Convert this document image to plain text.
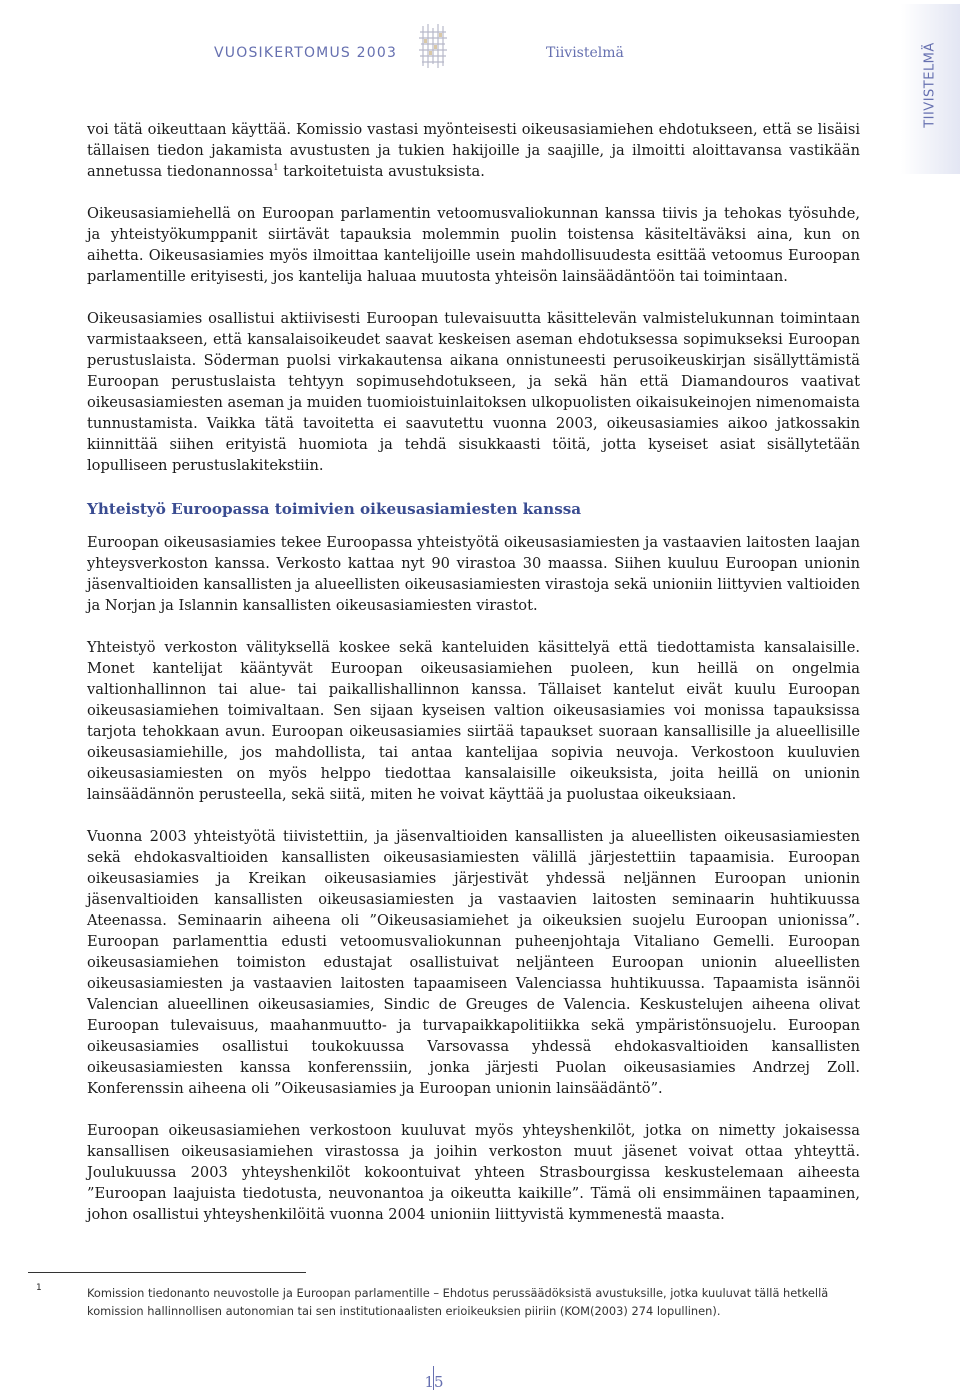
VUOSIKERTOMUS 2003	Tiivistelmä	TIIVISTELMÄ

voi tätä oikeuttaan käyttää. Komissio vastasi myönteisesti oikeusasiamiehen ehdotukseen, että se lisäisi tällaisen tiedon jakamista avustusten ja tukien hakijoille ja saajille, ja ilmoitti aloittavansa vastikään annetussa tiedonannossa$^1$ tarkoitetuista avustuksista.

Oikeusasiamiehellä on Euroopan parlamentin vetoomusvaliokunnan kanssa tiivis ja tehokas työsuhde, ja yhteistyökumppanit siirtävät tapauksia molemmin puolin toistensa käsiteltäväksi aina, kun on aihetta. Oikeusasiamies myös ilmoittaa kantelijoille usein mahdollisuudesta esittää vetoomus Euroopan parlamentille erityisesti, jos kantelija haluaa muutosta yhteisön lainsäädäntöön tai toimintaan.

Oikeusasiamies osallistui aktiivisesti Euroopan tulevaisuutta käsittelevän valmistelukunnan toimintaan varmistaakseen, että kansalaisoikeudet saavat keskeisen aseman ehdotuksessa sopimukseksi Euroopan perustuslaista. Söderman puolsi virkakautensa aikana onnistuneesti perusoikeuskirjan sisällyttämistä Euroopan perustuslaista tehtyyn sopimusehdotukseen, ja sekä hän että Diamandouros vaativat oikeusasiamiesten aseman ja muiden tuomioistuinlaitoksen ulkopuolisten oikaisukeinojen nimenomaista tunnustamista. Vaikka tätä tavoitetta ei saavutettu vuonna 2003, oikeusasiamies aikoo jatkossakin kiinnittää siihen erityistä huomiota ja tehdä sisukkaasti töitä, jotta kyseiset asiat sisällytetään lopulliseen perustuslakitekstiin.

Yhteistyö Euroopassa toimivien oikeusasiamiesten kanssa

Euroopan oikeusasiamies tekee Euroopassa yhteistyötä oikeusasiamiesten ja vastaavien laitosten laajan yhteysverkoston kanssa. Verkosto kattaa nyt 90 virastoa 30 maassa. Siihen kuuluu Euroopan unionin jäsenvaltioiden kansallisten ja alueellisten oikeusasiamiesten virastoja sekä unioniin liittyvien valtioiden ja Norjan ja Islannin kansallisten oikeusasiamiesten virastot.

Yhteistyö verkoston välityksellä koskee sekä kanteluiden käsittelyä että tiedottamista kansalaisille. Monet kantelijat kääntyvät Euroopan oikeusasiamiehen puoleen, kun heillä on ongelmia valtionhallinnon tai alue- tai paikallishallinnon kanssa. Tällaiset kantelut eivät kuulu Euroopan oikeusasiamiehen toimivaltaan. Sen sijaan kyseisen valtion oikeusasiamies voi monissa tapauksissa tarjota tehokkaan avun. Euroopan oikeusasiamies siirtää tapaukset suoraan kansallisille ja alueellisille oikeusasiamiehille, jos mahdollista, tai antaa kantelijaa sopivia neuvoja. Verkostoon kuuluvien oikeusasiamiesten on myös helppo tiedottaa kansalaisille oikeuksista, joita heillä on unionin lainsäädännön perusteella, sekä siitä, miten he voivat käyttää ja puolustaa oikeuksiaan.

Vuonna 2003 yhteistyötä tiivistettiin, ja jäsenvaltioiden kansallisten ja alueellisten oikeusasiamiesten sekä ehdokasvaltioiden kansallisten oikeusasiamiesten välillä järjestettiin tapaamisia. Euroopan oikeusasiamies ja Kreikan oikeusasiamies järjestivät yhdessä neljännen Euroopan unionin jäsenvaltioiden kansallisten oikeusasiamiesten ja vastaavien laitosten seminaarin huhtikuussa Ateenassa. Seminaarin aiheena oli ”Oikeusasiamiehet ja oikeuksien suojelu Euroopan unionissa”. Euroopan parlamenttia edusti vetoomusvaliokunnan puheenjohtaja Vitaliano Gemelli. Euroopan oikeusasiamiehen toimiston edustajat osallistuivat neljänteen Euroopan unionin alueellisten oikeusasiamiesten ja vastaavien laitosten tapaamiseen Valenciassa huhtikuussa. Tapaamista isännöi Valencian alueellinen oikeusasiamies, Sindic de Greuges de Valencia. Keskustelujen aiheena olivat Euroopan tulevaisuus, maahanmuutto- ja turvapaikkapolitiikka sekä ympäristönsuojelu. Euroopan oikeusasiamies osallistui toukokuussa Varsovassa yhdessä ehdokasvaltioiden kansallisten oikeusasiamiesten kanssa konferenssiin, jonka järjesti Puolan oikeusasiamies Andrzej Zoll. Konferenssin aiheena oli ”Oikeusasiamies ja Euroopan unionin lainsäädäntö”.

Euroopan oikeusasiamiehen verkostoon kuuluvat myös yhteyshenkilöt, jotka on nimetty jokaisessa kansallisen oikeusasiamiehen virastossa ja joihin verkoston muut jäsenet voivat ottaa yhteyttä. Joulukuussa 2003 yhteyshenkilöt kokoontuivat yhteen Strasbourgissa keskustelemaan aiheesta ”Euroopan laajuista tiedotusta, neuvonantoa ja oikeutta kaikille”. Tämä oli ensimmäinen tapaaminen, johon osallistui yhteyshenkilöitä vuonna 2004 unioniin liittyvistä kymmenestä maasta.

1	Komission tiedonanto neuvostolle ja Euroopan parlamentille – Ehdotus perussäädöksistä avustuksille, jotka kuuluvat tällä hetkellä komission hallinnollisen autonomian tai sen institutionaalisten erioikeuksien piiriin (KOM(2003) 274 lopullinen).
15
